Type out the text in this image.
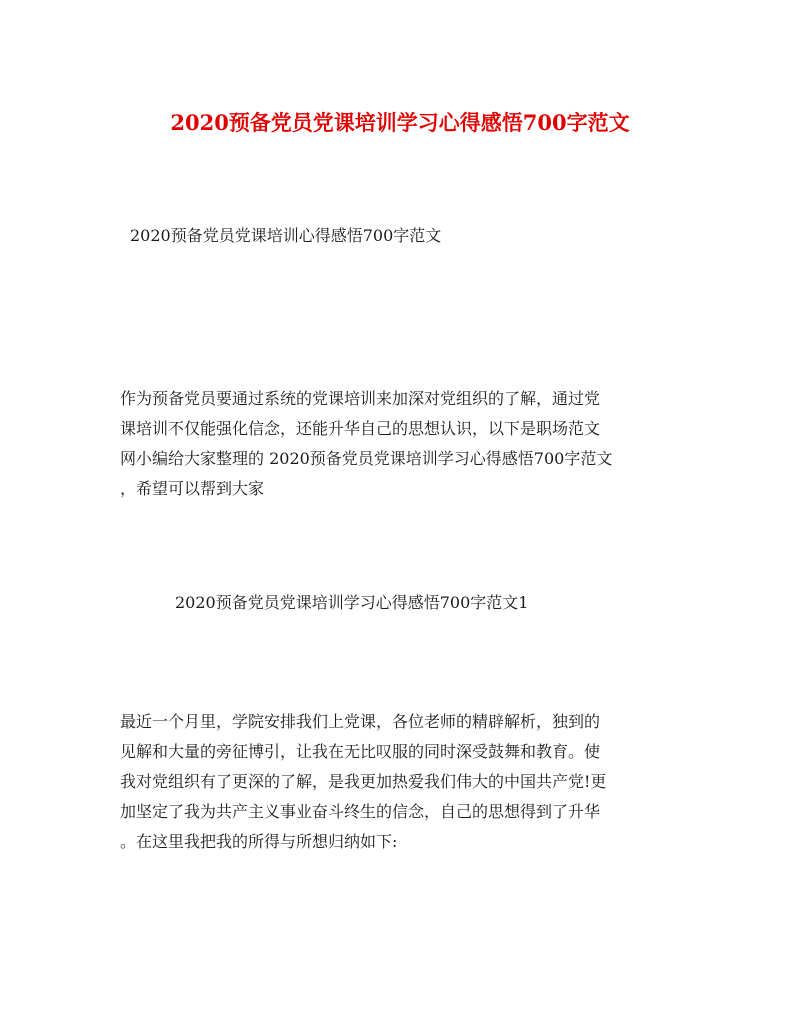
2020预备党员党课培训学习心得感悟700字范文
2020预备党员党课培训心得感悟700字范文
作为预备党员要通过系统的党课培训来加深对党组织的了解，通过党
课培训不仅能强化信念，还能升华自己的思想认识，以下是职场范文
网小编给大家整理的 2020预备党员党课培训学习心得感悟700字范文
，希望可以帮到大家
2020预备党员党课培训学习心得感悟700字范文1
最近一个月里，学院安排我们上党课，各位老师的精辟解析，独到的
见解和大量的旁征博引，让我在无比叹服的同时深受鼓舞和教育。使
我对党组织有了更深的了解，是我更加热爱我们伟大的中国共产党!更
加坚定了我为共产主义事业奋斗终生的信念，自己的思想得到了升华
。在这里我把我的所得与所想归纳如下:
